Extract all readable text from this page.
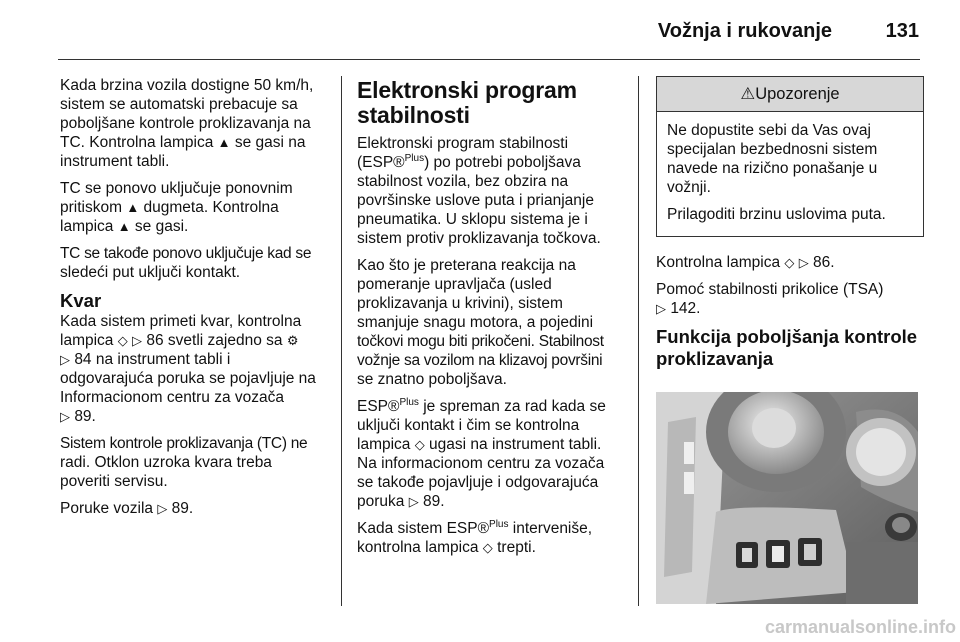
Vožnja i rukovanje	131

Kada brzina vozila dostigne 50 km/h,
sistem se automatski prebacuje sa
poboljšane kontrole proklizavanja na
TC. Kontrolna lampica ▲ se gasi na
instrument tabli.

TC se ponovo uključuje ponovnim
pritiskom ▲ dugmeta. Kontrolna
lampica ▲ se gasi.

TC se takođe ponovo uključuje kad se
sledeći put uključi kontakt.

Kvar

Kada sistem primeti kvar, kontrolna
lampica ◇ ▷ 86 svetli zajedno sa ⚙
▷ 84 na instrument tabli i
odgovarajuća poruka se pojavljuje na
Informacionom centru za vozača
▷ 89.

Sistem kontrole proklizavanja (TC) ne
radi. Otklon uzroka kvara treba
poveriti servisu.

Poruke vozila ▷ 89.

Elektronski program
stabilnosti

Elektronski program stabilnosti
(ESP®$^{Plus}$) po potrebi poboljšava
stabilnost vozila, bez obzira na
površinske uslove puta i prianjanje
pneumatika. U sklopu sistema je i
sistem protiv proklizavanja točkova.

Kao što je preterana reakcija na
pomeranje upravljača (usled
proklizavanja u krivini), sistem
smanjuje snagu motora, a pojedini
točkovi mogu biti prikočeni. Stabilnost
vožnje sa vozilom na klizavoj površini
se znatno poboljšava.

ESP®$^{Plus}$ je spreman za rad kada se
uključi kontakt i čim se kontrolna
lampica ◇ ugasi na instrument tabli.
Na informacionom centru za vozača
se takođe pojavljuje i odgovarajuća
poruka ▷ 89.

Kada sistem ESP®$^{Plus}$ interveniše,
kontrolna lampica ◇ trepti.

⚠Upozorenje

Ne dopustite sebi da Vas ovaj
specijalan bezbednosni sistem
navede na rizično ponašanje u
vožnji.

Prilagoditi brzinu uslovima puta.

Kontrolna lampica ◇ ▷ 86.

Pomoć stabilnosti prikolice (TSA)
▷ 142.

Funkcija poboljšanja kontrole
proklizavanja
carmanualsonline.info
